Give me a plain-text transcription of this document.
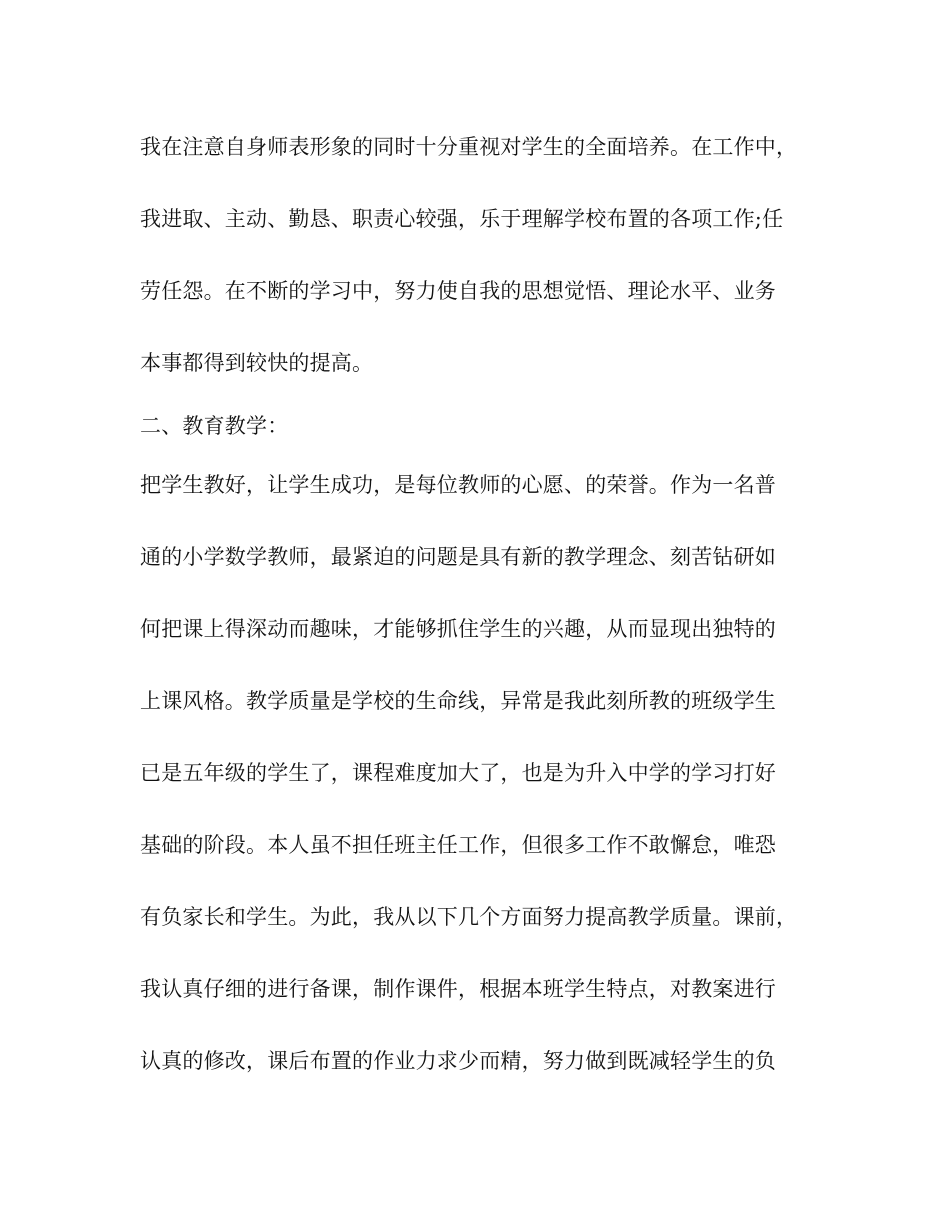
我在注意自身师表形象的同时十分重视对学生的全面培养。在工作中，
我进取、主动、勤恳、职责心较强，乐于理解学校布置的各项工作;任
劳任怨。在不断的学习中，努力使自我的思想觉悟、理论水平、业务
本事都得到较快的提高。
二、教育教学：
把学生教好，让学生成功，是每位教师的心愿、的荣誉。作为一名普
通的小学数学教师，最紧迫的问题是具有新的教学理念、刻苦钻研如
何把课上得深动而趣味，才能够抓住学生的兴趣，从而显现出独特的
上课风格。教学质量是学校的生命线，异常是我此刻所教的班级学生
已是五年级的学生了，课程难度加大了，也是为升入中学的学习打好
基础的阶段。本人虽不担任班主任工作，但很多工作不敢懈怠，唯恐
有负家长和学生。为此，我从以下几个方面努力提高教学质量。课前，
我认真仔细的进行备课，制作课件，根据本班学生特点，对教案进行
认真的修改，课后布置的作业力求少而精，努力做到既减轻学生的负
